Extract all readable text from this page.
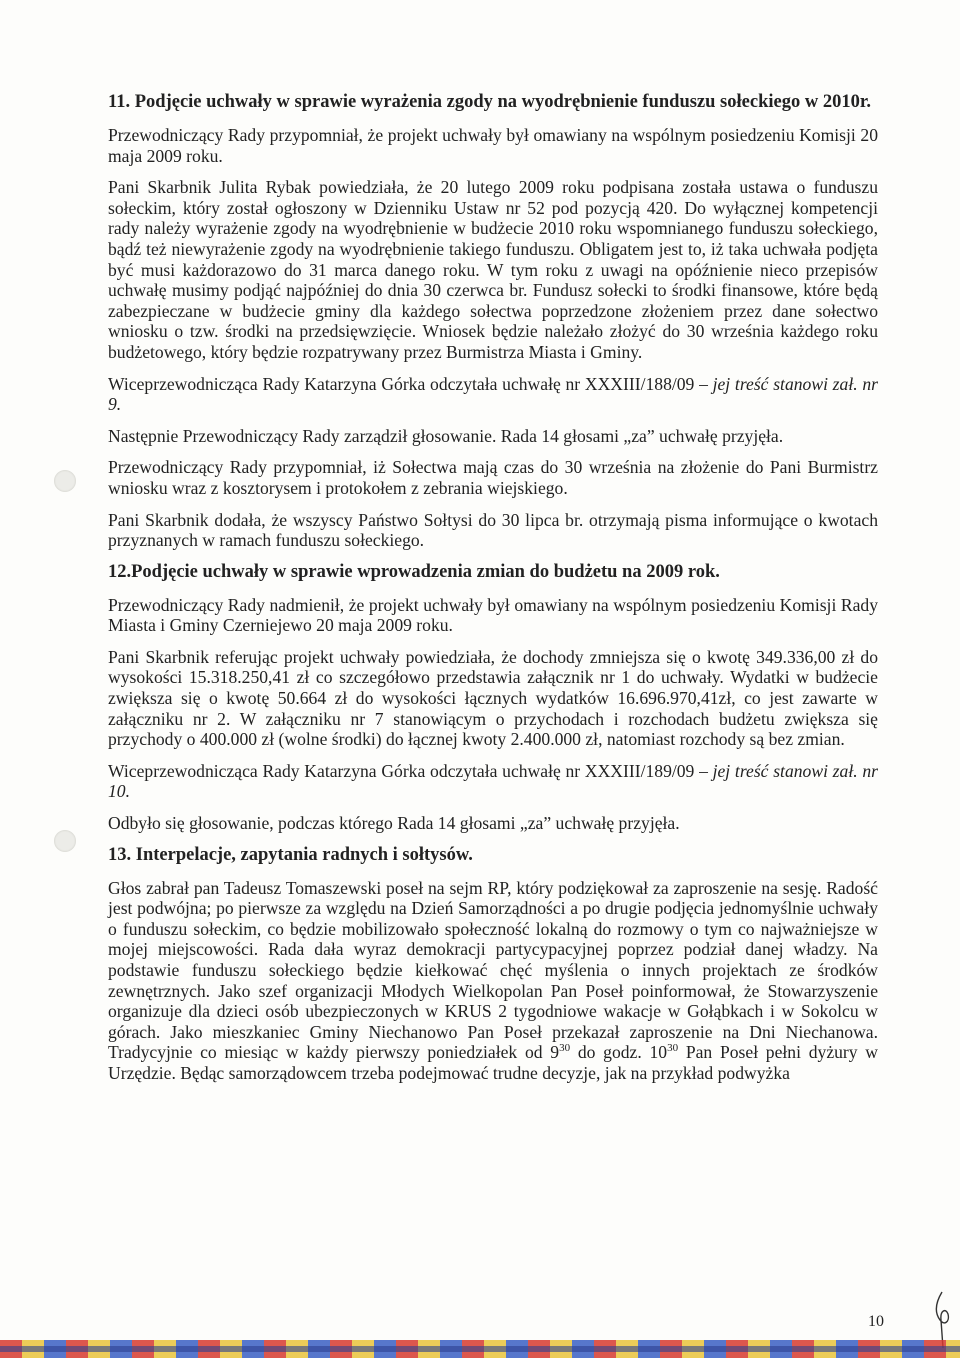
11. Podjęcie uchwały w sprawie wyrażenia zgody na wyodrębnienie funduszu sołeckiego w 2010r.

Przewodniczący Rady przypomniał, że projekt uchwały był omawiany na wspólnym posiedzeniu Komisji 20 maja 2009 roku.

Pani Skarbnik Julita Rybak powiedziała, że 20 lutego 2009 roku podpisana została ustawa o funduszu sołeckim, który został ogłoszony w Dzienniku Ustaw nr 52 pod pozycją 420. Do wyłącznej kompetencji rady należy wyrażenie zgody na wyodrębnienie w budżecie 2010 roku wspomnianego funduszu sołeckiego, bądź też niewyrażenie zgody na wyodrębnienie takiego funduszu. Obligatem jest to, iż taka uchwała podjęta być musi każdorazowo do 31 marca danego roku. W tym roku z uwagi na opóźnienie nieco przepisów uchwałę musimy podjąć najpóźniej do dnia 30 czerwca br. Fundusz sołecki to środki finansowe, które będą zabezpieczane w budżecie gminy dla każdego sołectwa poprzedzone złożeniem przez dane sołectwo wniosku o tzw. środki na przedsięwzięcie. Wniosek będzie należało złożyć do 30 września każdego roku budżetowego, który będzie rozpatrywany przez Burmistrza Miasta i Gminy.

Wiceprzewodnicząca Rady Katarzyna Górka odczytała uchwałę nr XXXIII/188/09 – jej treść stanowi zał. nr 9.

Następnie Przewodniczący Rady zarządził głosowanie. Rada 14 głosami „za” uchwałę przyjęła.

Przewodniczący Rady przypomniał, iż Sołectwa mają czas do 30 września na złożenie do Pani Burmistrz wniosku wraz z kosztorysem i protokołem z zebrania wiejskiego.

Pani Skarbnik dodała, że wszyscy Państwo Sołtysi do 30 lipca br. otrzymają pisma informujące o kwotach przyznanych w ramach funduszu sołeckiego.

12.Podjęcie uchwały w sprawie wprowadzenia zmian do budżetu na 2009 rok.

Przewodniczący Rady nadmienił, że projekt uchwały był omawiany na wspólnym posiedzeniu Komisji Rady Miasta i Gminy Czerniejewo 20 maja 2009 roku.

Pani Skarbnik referując projekt uchwały powiedziała, że dochody zmniejsza się o kwotę 349.336,00 zł do wysokości 15.318.250,41 zł co szczegółowo przedstawia załącznik nr 1 do uchwały. Wydatki w budżecie zwiększa się o kwotę 50.664 zł do wysokości łącznych wydatków 16.696.970,41zł, co jest zawarte w załączniku nr 2. W załączniku nr 7 stanowiącym o przychodach i rozchodach budżetu zwiększa się przychody o 400.000 zł (wolne środki) do łącznej kwoty 2.400.000 zł, natomiast rozchody są bez zmian.

Wiceprzewodnicząca Rady Katarzyna Górka odczytała uchwałę nr XXXIII/189/09 – jej treść stanowi zał. nr 10.

Odbyło się głosowanie, podczas którego Rada 14 głosami „za” uchwałę przyjęła.

13. Interpelacje, zapytania radnych i sołtysów.

Głos zabrał pan Tadeusz Tomaszewski poseł na sejm RP, który podziękował za zaproszenie na sesję. Radość jest podwójna; po pierwsze za względu na Dzień Samorządności a po drugie podjęcia jednomyślnie uchwały o funduszu sołeckim, co będzie mobilizowało społeczność lokalną do rozmowy o tym co najważniejsze w mojej miejscowości. Rada dała wyraz demokracji partycypacyjnej poprzez podział danej władzy. Na podstawie funduszu sołeckiego będzie kiełkować chęć myślenia o innych projektach ze środków zewnętrznych. Jako szef organizacji Młodych Wielkopolan Pan Poseł poinformował, że Stowarzyszenie organizuje dla dzieci osób ubezpieczonych w KRUS 2 tygodniowe wakacje w Gołąbkach i w Sokolcu w górach. Jako mieszkaniec Gminy Niechanowo Pan Poseł przekazał zaproszenie na Dni Niechanowa. Tradycyjnie co miesiąc w każdy pierwszy poniedziałek od $9^{30}$ do godz. $10^{30}$ Pan Poseł pełni dyżury w Urzędzie. Będąc samorządowcem trzeba podejmować trudne decyzje, jak na przykład podwyżka

10
